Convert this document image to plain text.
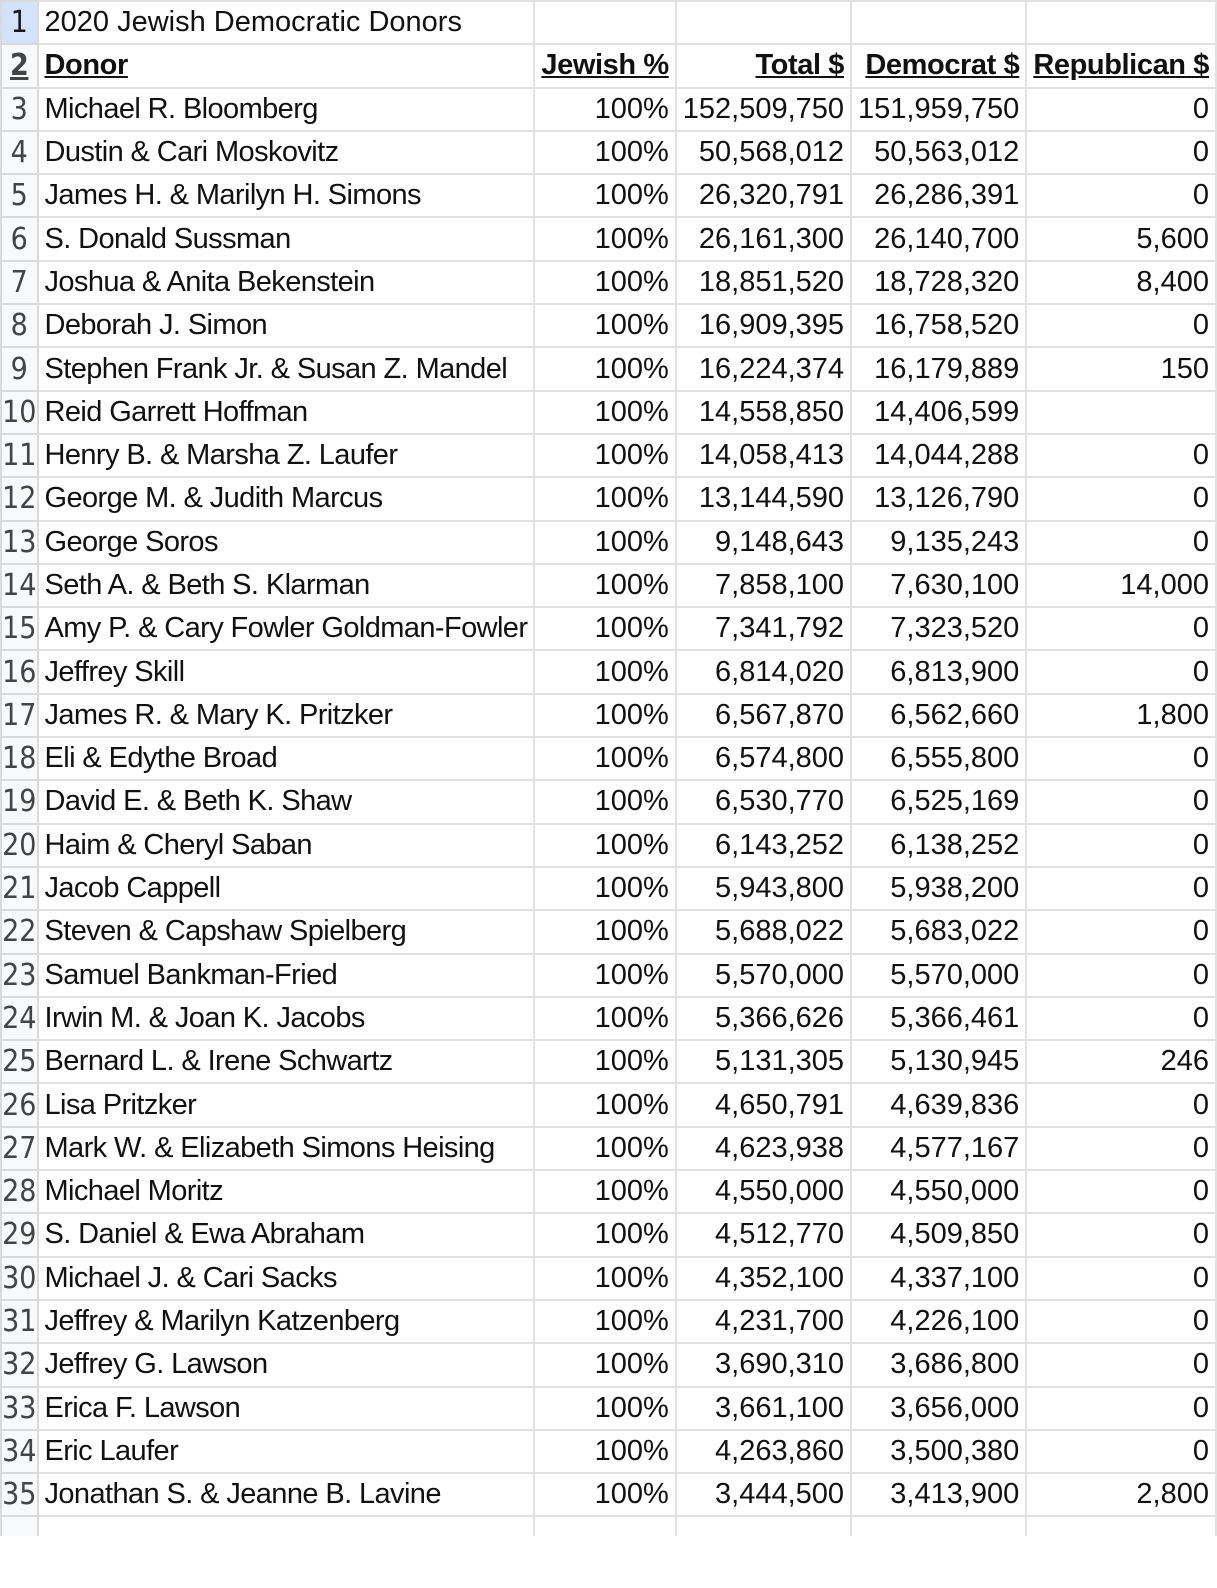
1	2020 Jewish Democratic Donors				
2	Donor	Jewish %	Total $	Democrat $	Republican $
3	Michael R. Bloomberg	100%	152,509,750	151,959,750	0
4	Dustin & Cari Moskovitz	100%	50,568,012	50,563,012	0
5	James H. & Marilyn H. Simons	100%	26,320,791	26,286,391	0
6	S. Donald Sussman	100%	26,161,300	26,140,700	5,600
7	Joshua & Anita Bekenstein	100%	18,851,520	18,728,320	8,400
8	Deborah J. Simon	100%	16,909,395	16,758,520	0
9	Stephen Frank Jr. & Susan Z. Mandel	100%	16,224,374	16,179,889	150
10	Reid Garrett Hoffman	100%	14,558,850	14,406,599	
11	Henry B. & Marsha Z. Laufer	100%	14,058,413	14,044,288	0
12	George M. & Judith Marcus	100%	13,144,590	13,126,790	0
13	George Soros	100%	9,148,643	9,135,243	0
14	Seth A. & Beth S. Klarman	100%	7,858,100	7,630,100	14,000
15	Amy P. & Cary Fowler Goldman-Fowler	100%	7,341,792	7,323,520	0
16	Jeffrey Skill	100%	6,814,020	6,813,900	0
17	James R. & Mary K. Pritzker	100%	6,567,870	6,562,660	1,800
18	Eli & Edythe Broad	100%	6,574,800	6,555,800	0
19	David E. & Beth K. Shaw	100%	6,530,770	6,525,169	0
20	Haim & Cheryl Saban	100%	6,143,252	6,138,252	0
21	Jacob Cappell	100%	5,943,800	5,938,200	0
22	Steven & Capshaw Spielberg	100%	5,688,022	5,683,022	0
23	Samuel Bankman-Fried	100%	5,570,000	5,570,000	0
24	Irwin M. & Joan K. Jacobs	100%	5,366,626	5,366,461	0
25	Bernard L. & Irene Schwartz	100%	5,131,305	5,130,945	246
26	Lisa Pritzker	100%	4,650,791	4,639,836	0
27	Mark W. & Elizabeth Simons Heising	100%	4,623,938	4,577,167	0
28	Michael Moritz	100%	4,550,000	4,550,000	0
29	S. Daniel & Ewa Abraham	100%	4,512,770	4,509,850	0
30	Michael J. & Cari Sacks	100%	4,352,100	4,337,100	0
31	Jeffrey & Marilyn Katzenberg	100%	4,231,700	4,226,100	0
32	Jeffrey G. Lawson	100%	3,690,310	3,686,800	0
33	Erica F. Lawson	100%	3,661,100	3,656,000	0
34	Eric Laufer	100%	4,263,860	3,500,380	0
35	Jonathan S. & Jeanne B. Lavine	100%	3,444,500	3,413,900	2,800
